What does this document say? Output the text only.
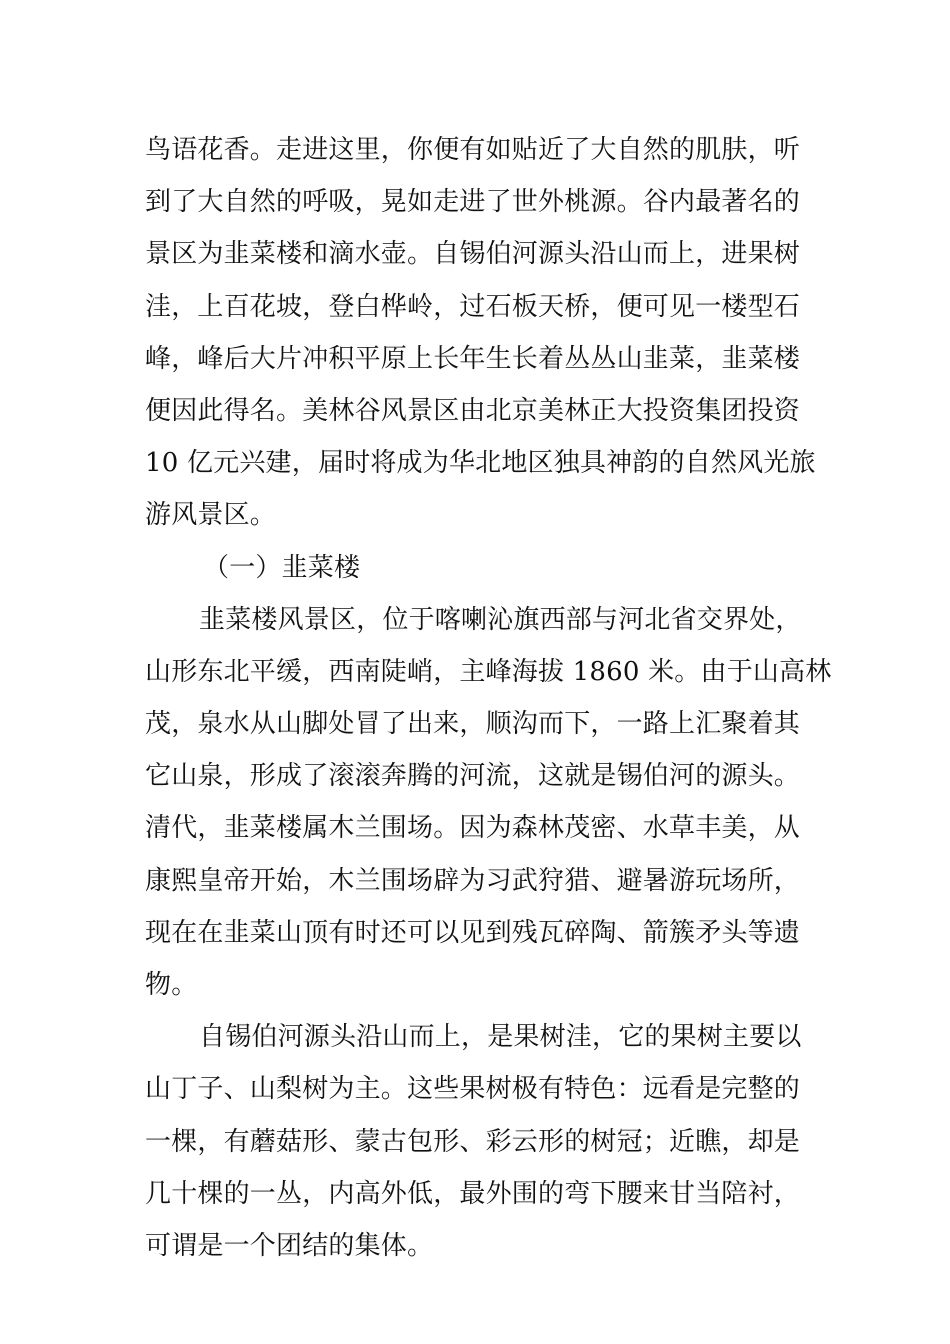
鸟语花香。走进这里，你便有如贴近了大自然的肌肤，听
到了大自然的呼吸，晃如走进了世外桃源。谷内最著名的
景区为韭菜楼和滴水壶。自锡伯河源头沿山而上，进果树
洼，上百花坡，登白桦岭，过石板天桥，便可见一楼型石
峰，峰后大片冲积平原上长年生长着丛丛山韭菜，韭菜楼
便因此得名。美林谷风景区由北京美林正大投资集团投资
10 亿元兴建，届时将成为华北地区独具神韵的自然风光旅
游风景区。
（一）韭菜楼
韭菜楼风景区，位于喀喇沁旗西部与河北省交界处，
山形东北平缓，西南陡峭，主峰海拔 1860 米。由于山高林
茂，泉水从山脚处冒了出来，顺沟而下，一路上汇聚着其
它山泉，形成了滚滚奔腾的河流，这就是锡伯河的源头。
清代，韭菜楼属木兰围场。因为森林茂密、水草丰美，从
康熙皇帝开始，木兰围场辟为习武狩猎、避暑游玩场所，
现在在韭菜山顶有时还可以见到残瓦碎陶、箭簇矛头等遗
物。
自锡伯河源头沿山而上，是果树洼，它的果树主要以
山丁子、山梨树为主。这些果树极有特色：远看是完整的
一棵，有蘑菇形、蒙古包形、彩云形的树冠；近瞧，却是
几十棵的一丛，内高外低，最外围的弯下腰来甘当陪衬，
可谓是一个团结的集体。
